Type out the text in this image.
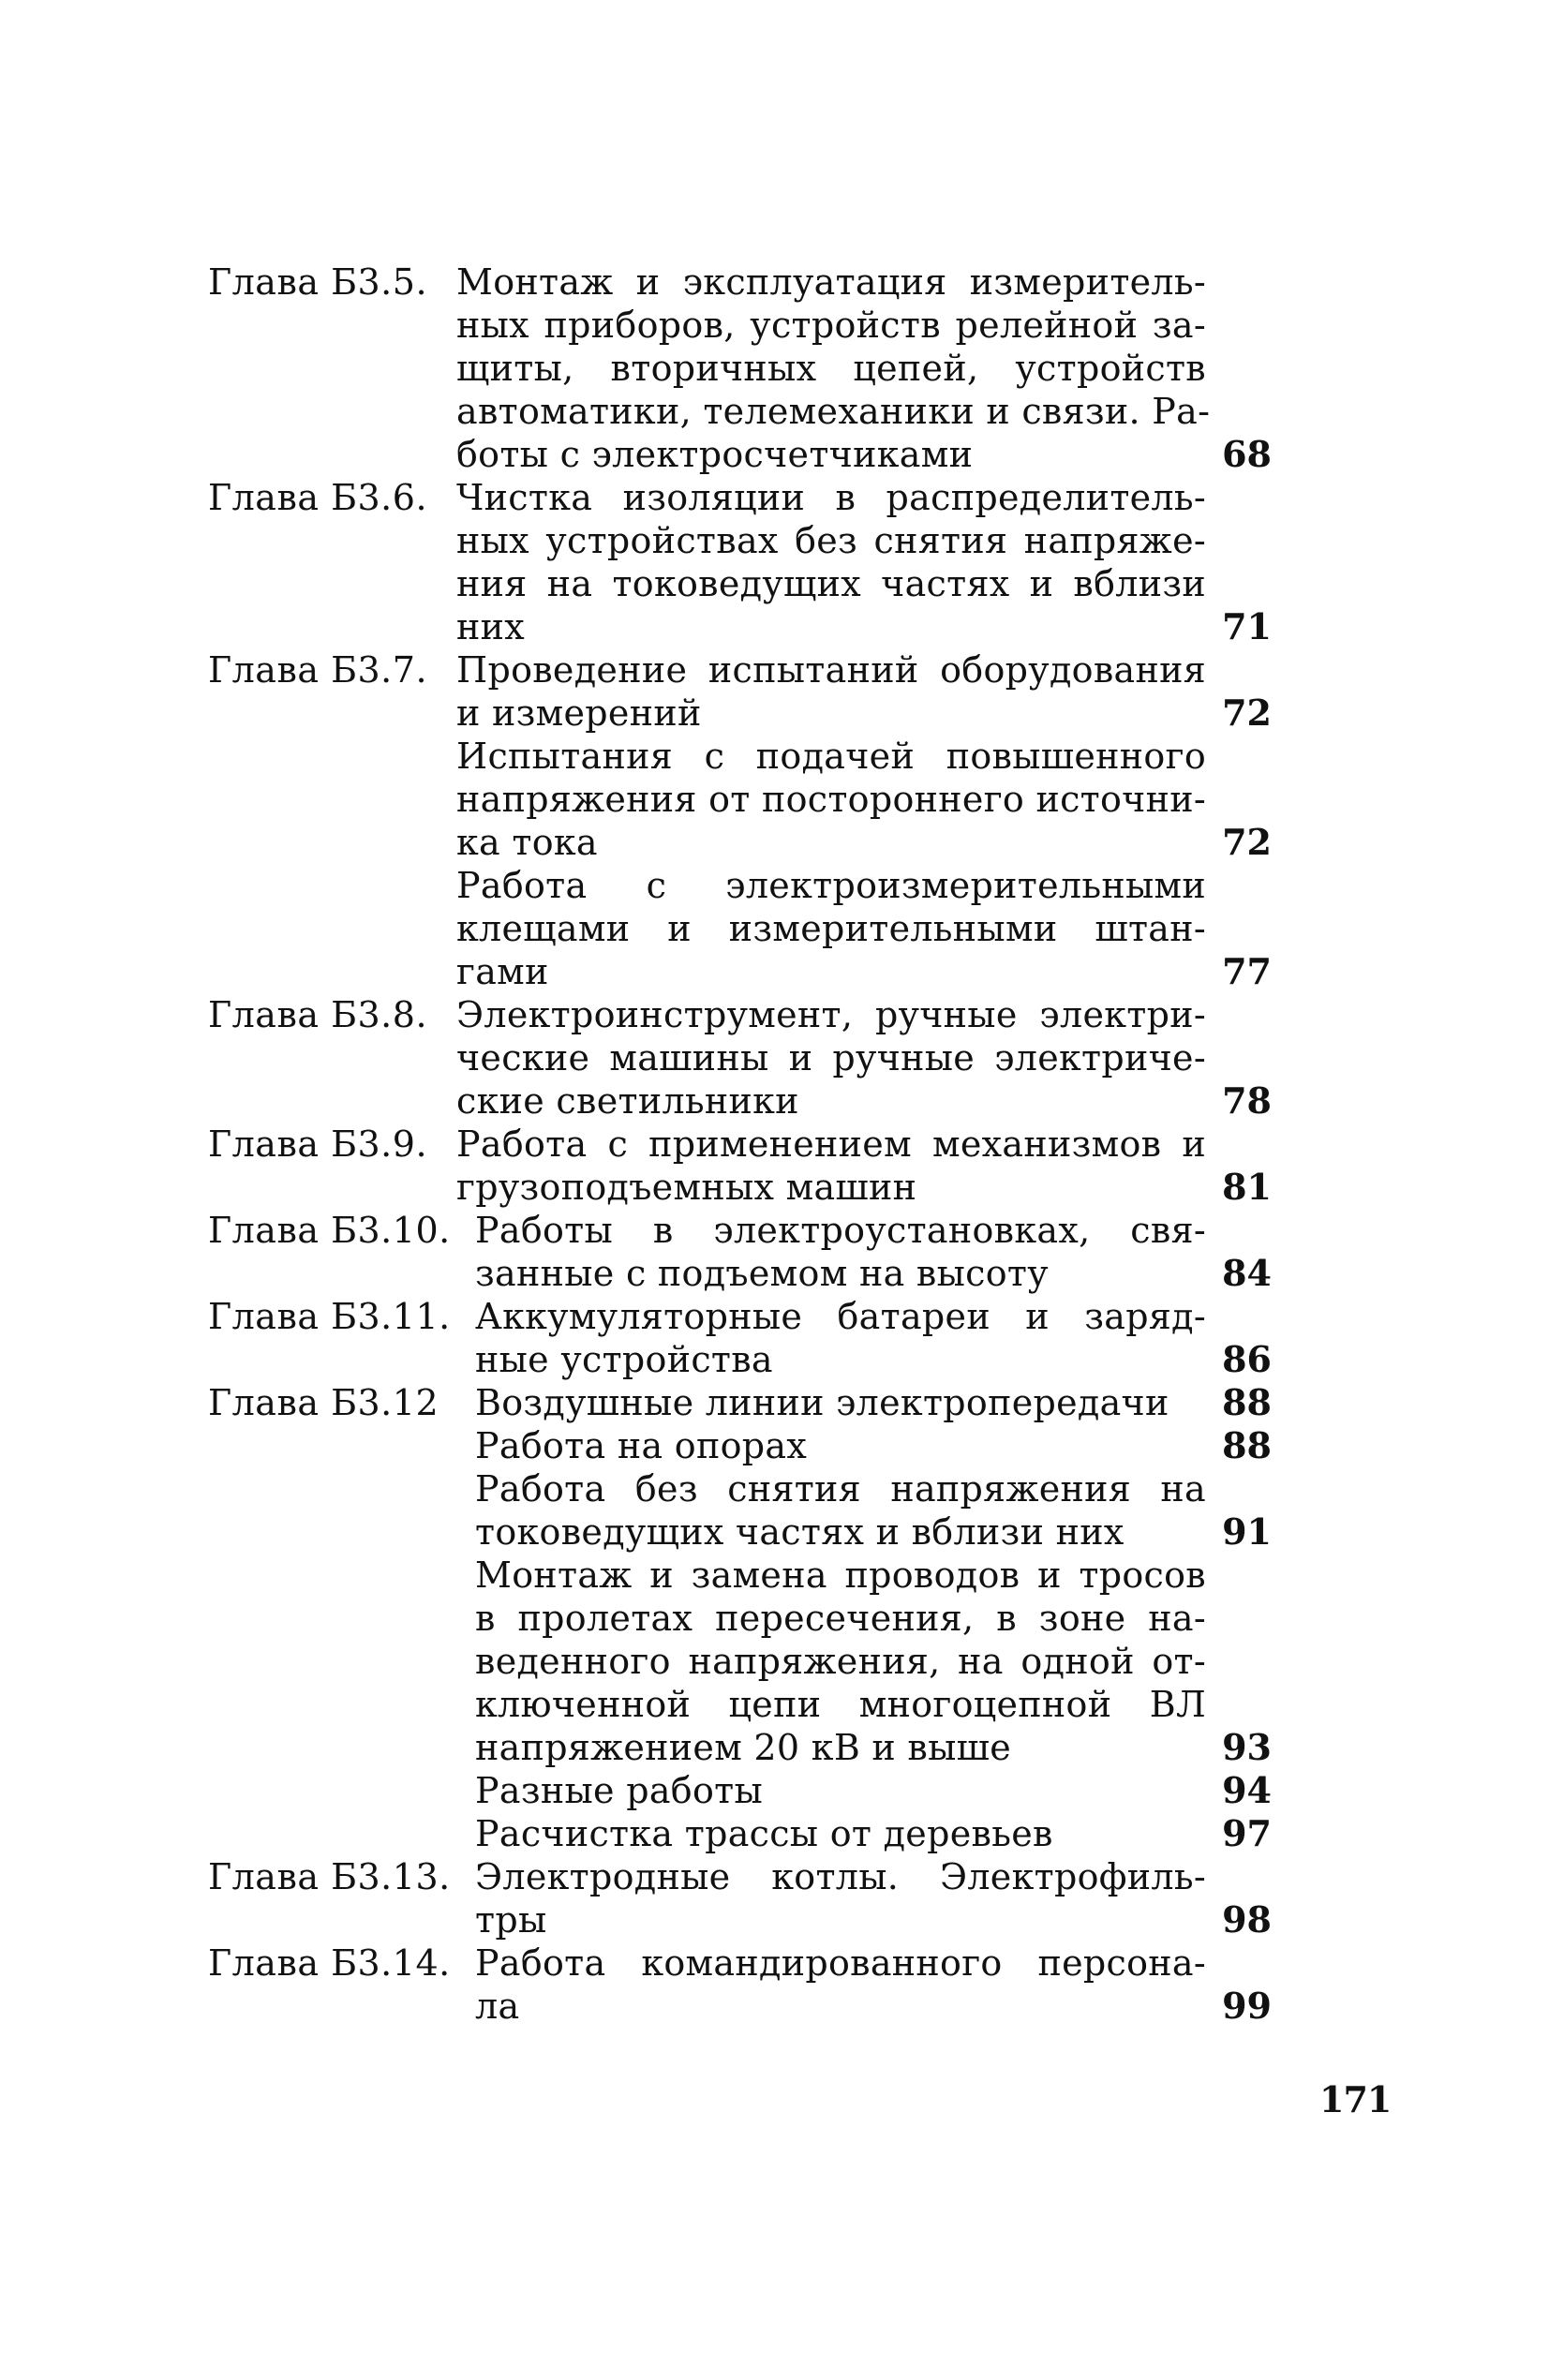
Глава Б3.5. Монтаж и эксплуатация измеритель-
ных приборов, устройств релейной за-
щиты, вторичных цепей, устройств
автоматики, телемеханики и связи. Ра-
боты с электросчетчиками	68
Глава Б3.6. Чистка изоляции в распределитель-
ных устройствах без снятия напряже-
ния на токоведущих частях и вблизи
них	71
Глава Б3.7. Проведение испытаний оборудования
и измерений	72
Испытания с подачей повышенного
напряжения от постороннего источни-
ка тока	72
Работа с электроизмерительными
клещами и измерительными штан-
гами	77
Глава Б3.8. Электроинструмент, ручные электри-
ческие машины и ручные электриче-
ские светильники	78
Глава Б3.9. Работа с применением механизмов и
грузоподъемных машин	81
Глава Б3.10. Работы в электроустановках, свя-
занные с подъемом на высоту	84
Глава Б3.11. Аккумуляторные батареи и заряд-
ные устройства	86
Глава Б3.12	Воздушные линии электропередачи	88
Работа на опорах	88
Работа без снятия напряжения на
токоведущих частях и вблизи них	91
Монтаж и замена проводов и тросов
в пролетах пересечения, в зоне на-
веденного напряжения, на одной от-
ключенной цепи многоцепной ВЛ
напряжением 20 кВ и выше	93
Разные работы	94
Расчистка трассы от деревьев	97
Глава Б3.13. Электродные котлы. Электрофиль-
тры	98
Глава Б3.14. Работа командированного персона-
ла	99
171
